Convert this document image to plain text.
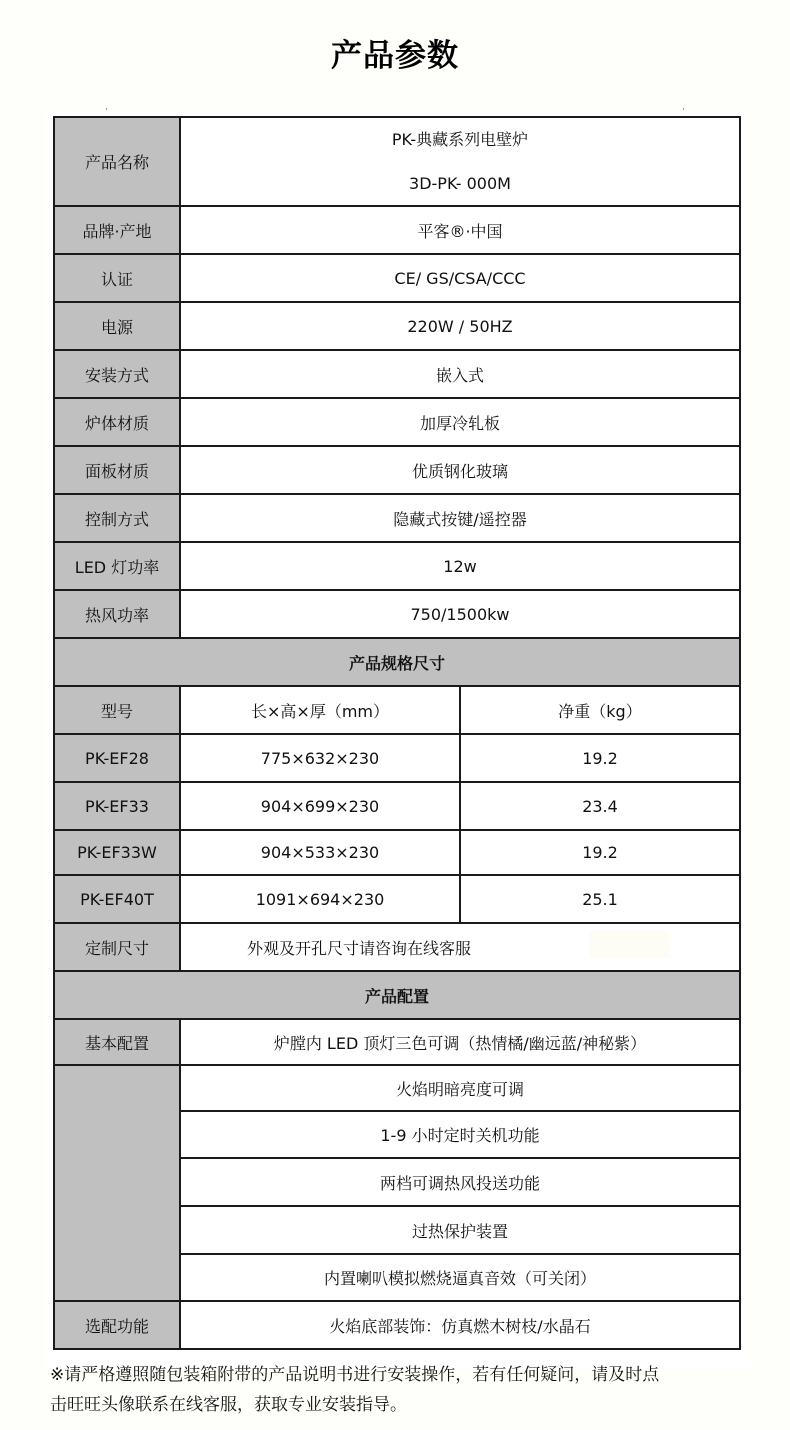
产品参数
产品名称	PK-典藏系列电壁炉
3D-PK- 000M	

品牌·产地	平客®·中国	
认证	CE/ GS/CSA/CCC	
电源	220W / 50HZ	
安装方式	嵌入式	
炉体材质	加厚冷轧板	
面板材质	优质钢化玻璃	
控制方式	隐藏式按键/遥控器	
LED 灯功率	12w	
热风功率	750/1500kw	
产品规格尺寸		
型号	长×高×厚（mm）	净重（kg）
PK-EF28	775×632×230	19.2
PK-EF33	904×699×230	23.4
PK-EF33W	904×533×230	19.2
PK-EF40T	1091×694×230	25.1
定制尺寸	外观及开孔尺寸请咨询在线客服	

产品配置		
基本配置	炉膛内 LED 顶灯三色可调（热情橘/幽远蓝/神秘紫）	
	火焰明暗亮度可调
	1-9 小时定时关机功能
	两档可调热风投送功能
	过热保护装置
	内置喇叭模拟燃烧逼真音效（可关闭）
选配功能	火焰底部装饰：仿真燃木树枝/水晶石
※请严格遵照随包装箱附带的产品说明书进行安装操作，若有任何疑问，请及时点
击旺旺头像联系在线客服，获取专业安装指导。
